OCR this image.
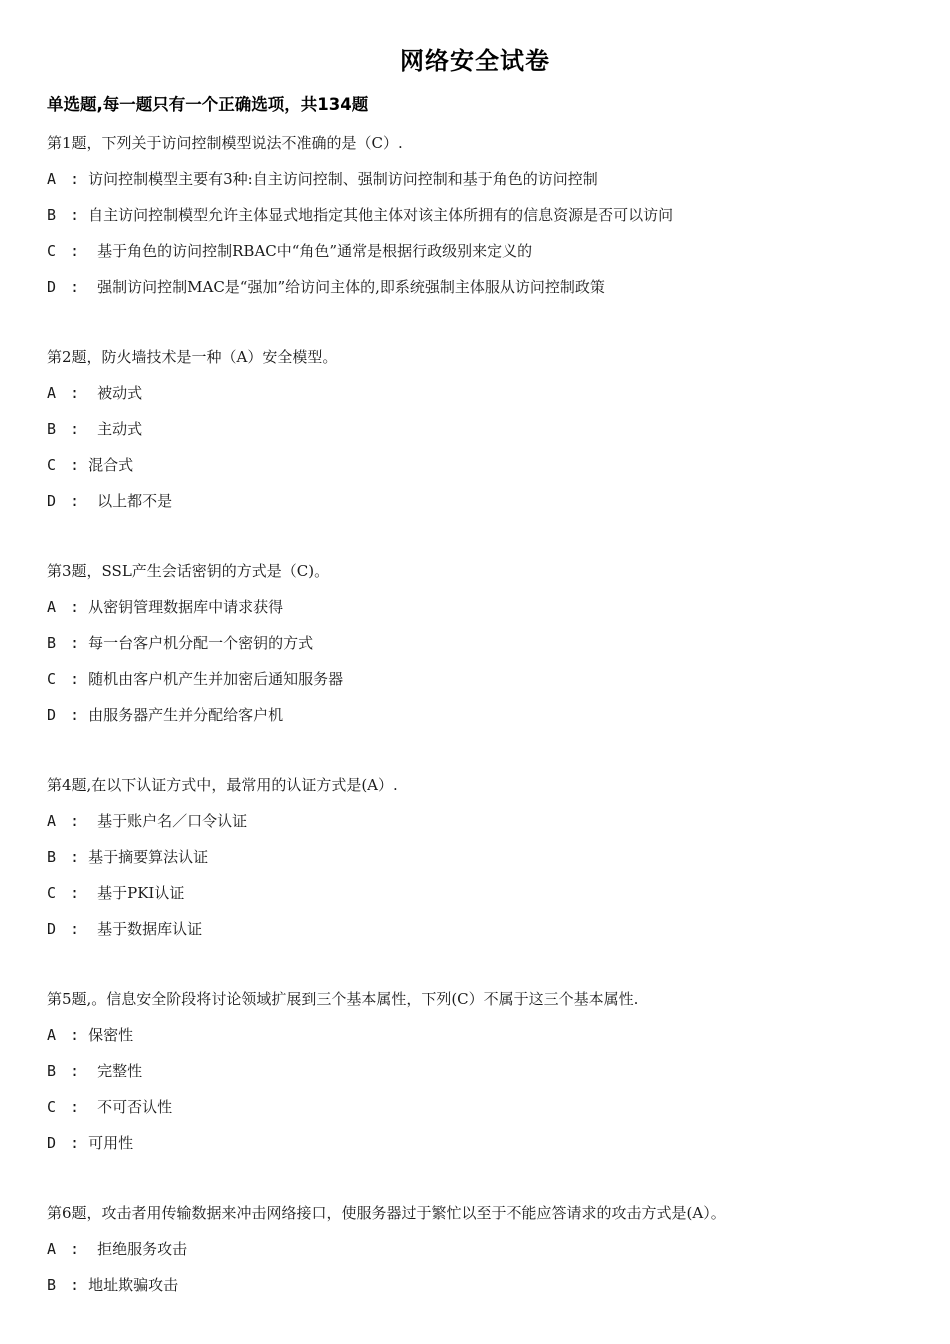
网络安全试卷
单选题,每一题只有一个正确选项，共134题
第1题，下列关于访问控制模型说法不准确的是（C）.
A : 访问控制模型主要有3种:自主访问控制、强制访问控制和基于角色的访问控制
B : 自主访问控制模型允许主体显式地指定其他主体对该主体所拥有的信息资源是否可以访问
C :  基于角色的访问控制RBAC中“角色”通常是根据行政级别来定义的
D :  强制访问控制MAC是“强加”给访问主体的,即系统强制主体服从访问控制政策
第2题，防火墙技术是一种（A）安全模型。
A :  被动式
B :  主动式
C : 混合式
D :  以上都不是
第3题，SSL产生会话密钥的方式是（C)。
A : 从密钥管理数据库中请求获得
B : 每一台客户机分配一个密钥的方式
C : 随机由客户机产生并加密后通知服务器
D : 由服务器产生并分配给客户机
第4题,在以下认证方式中，最常用的认证方式是(A）.
A :  基于账户名／口令认证
B : 基于摘要算法认证
C :  基于PKI认证
D :  基于数据库认证
第5题,。信息安全阶段将讨论领域扩展到三个基本属性，下列(C）不属于这三个基本属性.
A : 保密性
B :  完整性
C :  不可否认性
D : 可用性
第6题，攻击者用传输数据来冲击网络接口，使服务器过于繁忙以至于不能应答请求的攻击方式是(A）。
A :  拒绝服务攻击
B : 地址欺骗攻击
